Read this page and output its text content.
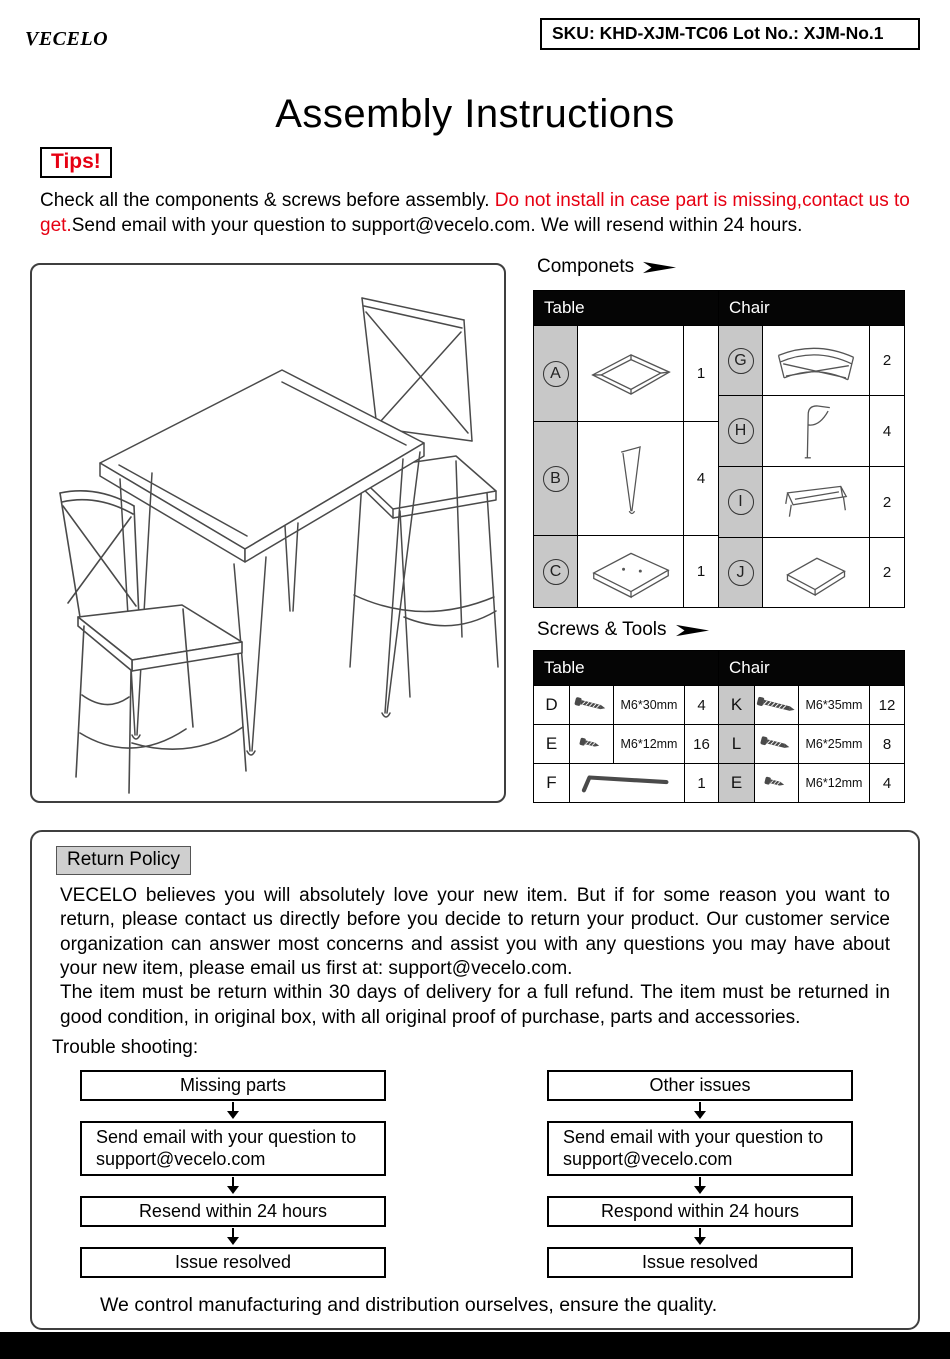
VECELO	SKU: KHD-XJM-TC06 Lot No.: XJM-No.1
Assembly Instructions
Tips!

Check all the components & screws before assembly. Do not install in case part is missing,contact us to get.Send email with your question to support@vecelo.com. We will resend within 24 hours.

Componets
Table
A	1
B	4
C	1
Chair
G	2
H	4
I	2
J	2
Screws & Tools
Table
D	M6*30mm	4
E	M6*12mm	16
F	1
Chair
K	M6*35mm	12
L	M6*25mm	8
E	M6*12mm	4
Return Policy

VECELO believes you will absolutely love your new item. But if for some reason you want to return, please contact us directly before you decide to return your product. Our customer service organization can answer most concerns and assist you with any questions you may have about your new item, please email us first at: support@vecelo.com.

The item must be return within 30 days of delivery for a full refund. The item must be returned in good condition, in original box, with all original proof of purchase, parts and accessories.

Trouble shooting:
Missing parts
Send email with your question to
support@vecelo.com
Resend within 24 hours
Issue resolved
Other issues
Send email with your question to
support@vecelo.com
Respond within 24 hours
Issue resolved

We control manufacturing and distribution ourselves, ensure the quality.
